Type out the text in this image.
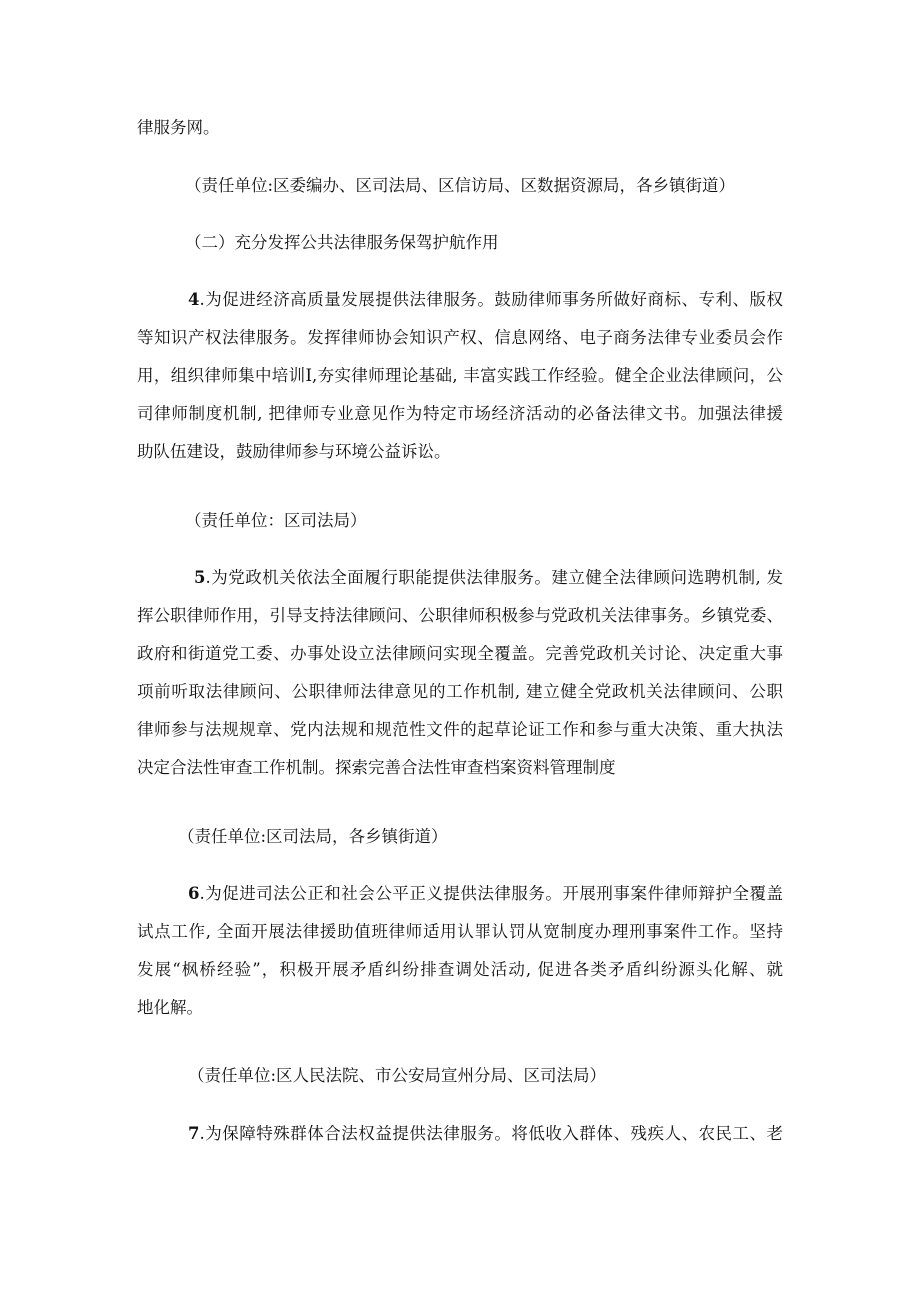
律服务网。
（责任单位:区委编办、区司法局、区信访局、区数据资源局，各乡镇街道）
（二）充分发挥公共法律服务保驾护航作用
4.为促进经济高质量发展提供法律服务。鼓励律师事务所做好商标、专利、版权
等知识产权法律服务。发挥律师协会知识产权、信息网络、电子商务法律专业委员会作
用，组织律师集中培训I,夯实律师理论基础, 丰富实践工作经验。健全企业法律顾问，公
司律师制度机制, 把律师专业意见作为特定市场经济活动的必备法律文书。加强法律援
助队伍建设，鼓励律师参与环境公益诉讼。
（责任单位：区司法局）
5.为党政机关依法全面履行职能提供法律服务。建立健全法律顾问选聘机制, 发
挥公职律师作用，引导支持法律顾问、公职律师积极参与党政机关法律事务。乡镇党委、
政府和街道党工委、办事处设立法律顾问实现全覆盖。完善党政机关讨论、决定重大事
项前听取法律顾问、公职律师法律意见的工作机制, 建立健全党政机关法律顾问、公职
律师参与法规规章、党内法规和规范性文件的起草论证工作和参与重大决策、重大执法
决定合法性审查工作机制。探索完善合法性审查档案资料管理制度
（责任单位:区司法局，各乡镇街道）
6.为促进司法公正和社会公平正义提供法律服务。开展刑事案件律师辩护全覆盖
试点工作, 全面开展法律援助值班律师适用认罪认罚从宽制度办理刑事案件工作。坚持
发展“枫桥经验”，积极开展矛盾纠纷排查调处活动, 促进各类矛盾纠纷源头化解、就
地化解。
（责任单位:区人民法院、市公安局宣州分局、区司法局）
7.为保障特殊群体合法权益提供法律服务。将低收入群体、残疾人、农民工、老
